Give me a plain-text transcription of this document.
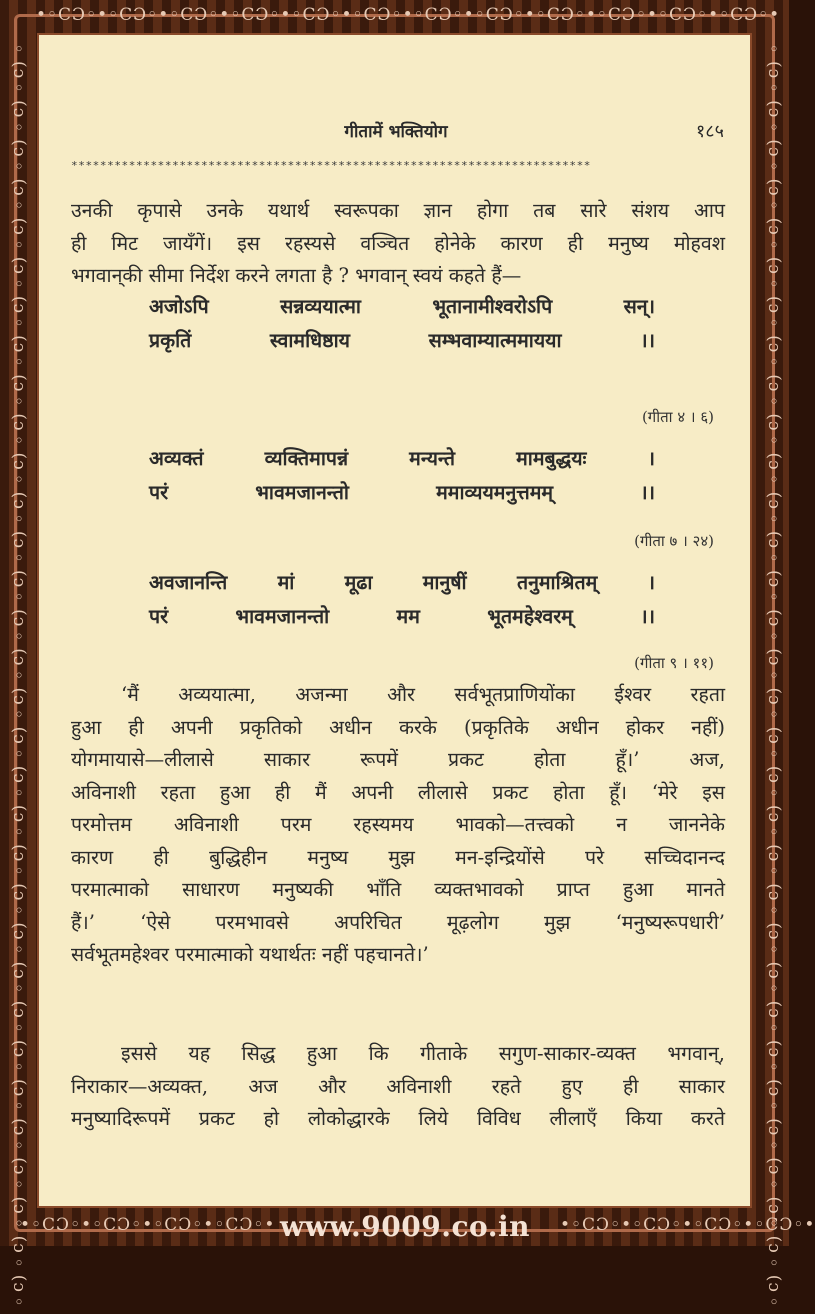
•◦CƆ◦•◦CƆ◦•◦CƆ◦•◦CƆ◦•◦CƆ◦•◦CƆ◦•◦CƆ◦•◦CƆ◦•◦CƆ◦•◦CƆ◦•◦CƆ◦•◦CƆ◦•
◦(ɔ◦(ɔ◦(ɔ◦(ɔ◦(ɔ◦(ɔ◦(ɔ◦(ɔ◦(ɔ◦(ɔ◦(ɔ◦(ɔ◦(ɔ◦(ɔ◦(ɔ◦(ɔ◦(ɔ◦(ɔ◦(ɔ◦(ɔ◦(ɔ◦(ɔ◦(ɔ◦(ɔ◦(ɔ◦(ɔ◦(ɔ◦(ɔ◦(ɔ◦(ɔ◦(ɔ◦(ɔ◦	◦(ɔ◦(ɔ◦(ɔ◦(ɔ◦(ɔ◦(ɔ◦(ɔ◦(ɔ◦(ɔ◦(ɔ◦(ɔ◦(ɔ◦(ɔ◦(ɔ◦(ɔ◦(ɔ◦(ɔ◦(ɔ◦(ɔ◦(ɔ◦(ɔ◦(ɔ◦(ɔ◦(ɔ◦(ɔ◦(ɔ◦(ɔ◦(ɔ◦(ɔ◦(ɔ◦(ɔ◦(ɔ◦
•◦CƆ◦•◦CƆ◦•◦CƆ◦•◦CƆ◦•	•◦CƆ◦•◦CƆ◦•◦CƆ◦•◦CƆ◦•
www.9009.co.in
गीतामें भक्तियोग	१८५
************************************************************************
उनकी कृपासे उनके यथार्थ स्वरूपका ज्ञान होगा तब सारे संशय आप
ही मिट जायँगें। इस रहस्यसे वञ्चित होनेके कारण ही मनुष्य मोहवश
भगवान्‌की सीमा निर्देश करने लगता है ? भगवान् स्वयं कहते हैं—
अजोऽपि सन्नव्ययात्मा भूतानामीश्वरोऽपि सन्।
प्रकृतिं स्वामधिष्ठाय सम्भवाम्यात्ममायया ।।
(गीता ४ । ६)
अव्यक्तं व्यक्तिमापन्नं मन्यन्ते मामबुद्धयः ।
परं भावमजानन्तो ममाव्ययमनुत्तमम् ।।
(गीता ७ । २४)
अवजानन्ति मां मूढा मानुषीं तनुमाश्रितम् ।
परं भावमजानन्तो मम भूतमहेश्वरम् ।।
(गीता ९ । ११)
‘मैं अव्ययात्मा, अजन्मा और सर्वभूतप्राणियोंका ईश्वर रहता
हुआ ही अपनी प्रकृतिको अधीन करके (प्रकृतिके अधीन होकर नहीं)
योगमायासे—लीलासे साकार रूपमें प्रकट होता हूँ।’ अज,
अविनाशी रहता हुआ ही मैं अपनी लीलासे प्रकट होता हूँ। ‘मेरे इस
परमोत्तम अविनाशी परम रहस्यमय भावको—तत्त्वको न जाननेके
कारण ही बुद्धिहीन मनुष्य मुझ मन-इन्द्रियोंसे परे सच्चिदानन्द
परमात्माको साधारण मनुष्यकी भाँति व्यक्तभावको प्राप्त हुआ मानते
हैं।’ ‘ऐसे परमभावसे अपरिचित मूढ़लोग मुझ ‘मनुष्यरूपधारी’
सर्वभूतमहेश्वर परमात्माको यथार्थतः नहीं पहचानते।’
इससे यह सिद्ध हुआ कि गीताके सगुण-साकार-व्यक्त भगवान्,
निराकार—अव्यक्त, अज और अविनाशी रहते हुए ही साकार
मनुष्यादिरूपमें प्रकट हो लोकोद्धारके लिये विविध लीलाएँ किया करते
